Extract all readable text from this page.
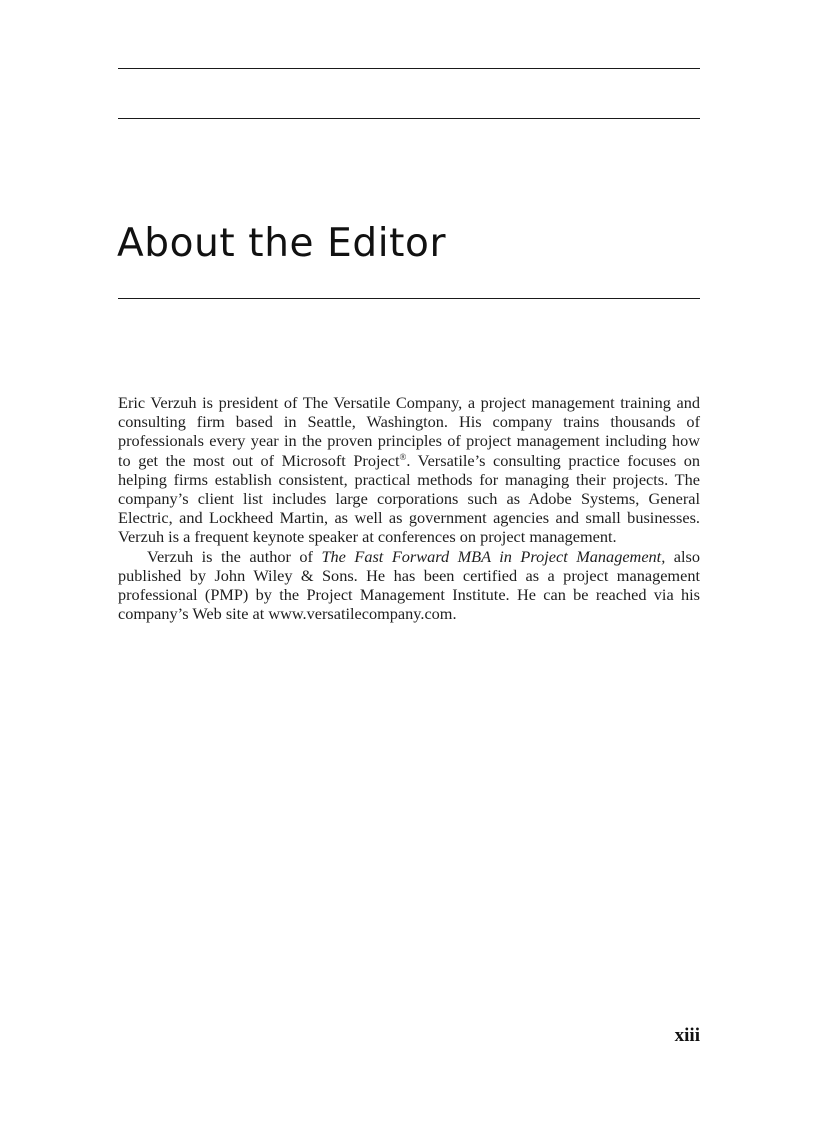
About the Editor

Eric Verzuh is president of The Versatile Company, a project management training and consulting firm based in Seattle, Washington. His company trains thousands of professionals every year in the proven principles of project management including how to get the most out of Microsoft Project®. Versatile’s consulting practice focuses on helping firms establish consistent, practical methods for managing their projects. The company’s client list includes large corporations such as Adobe Systems, General Electric, and Lockheed Martin, as well as government agencies and small businesses. Verzuh is a frequent keynote speaker at conferences on project management.

Verzuh is the author of The Fast Forward MBA in Project Management, also published by John Wiley & Sons. He has been certified as a project management professional (PMP) by the Project Management Institute. He can be reached via his company’s Web site at www.versatilecompany.com.

xiii
